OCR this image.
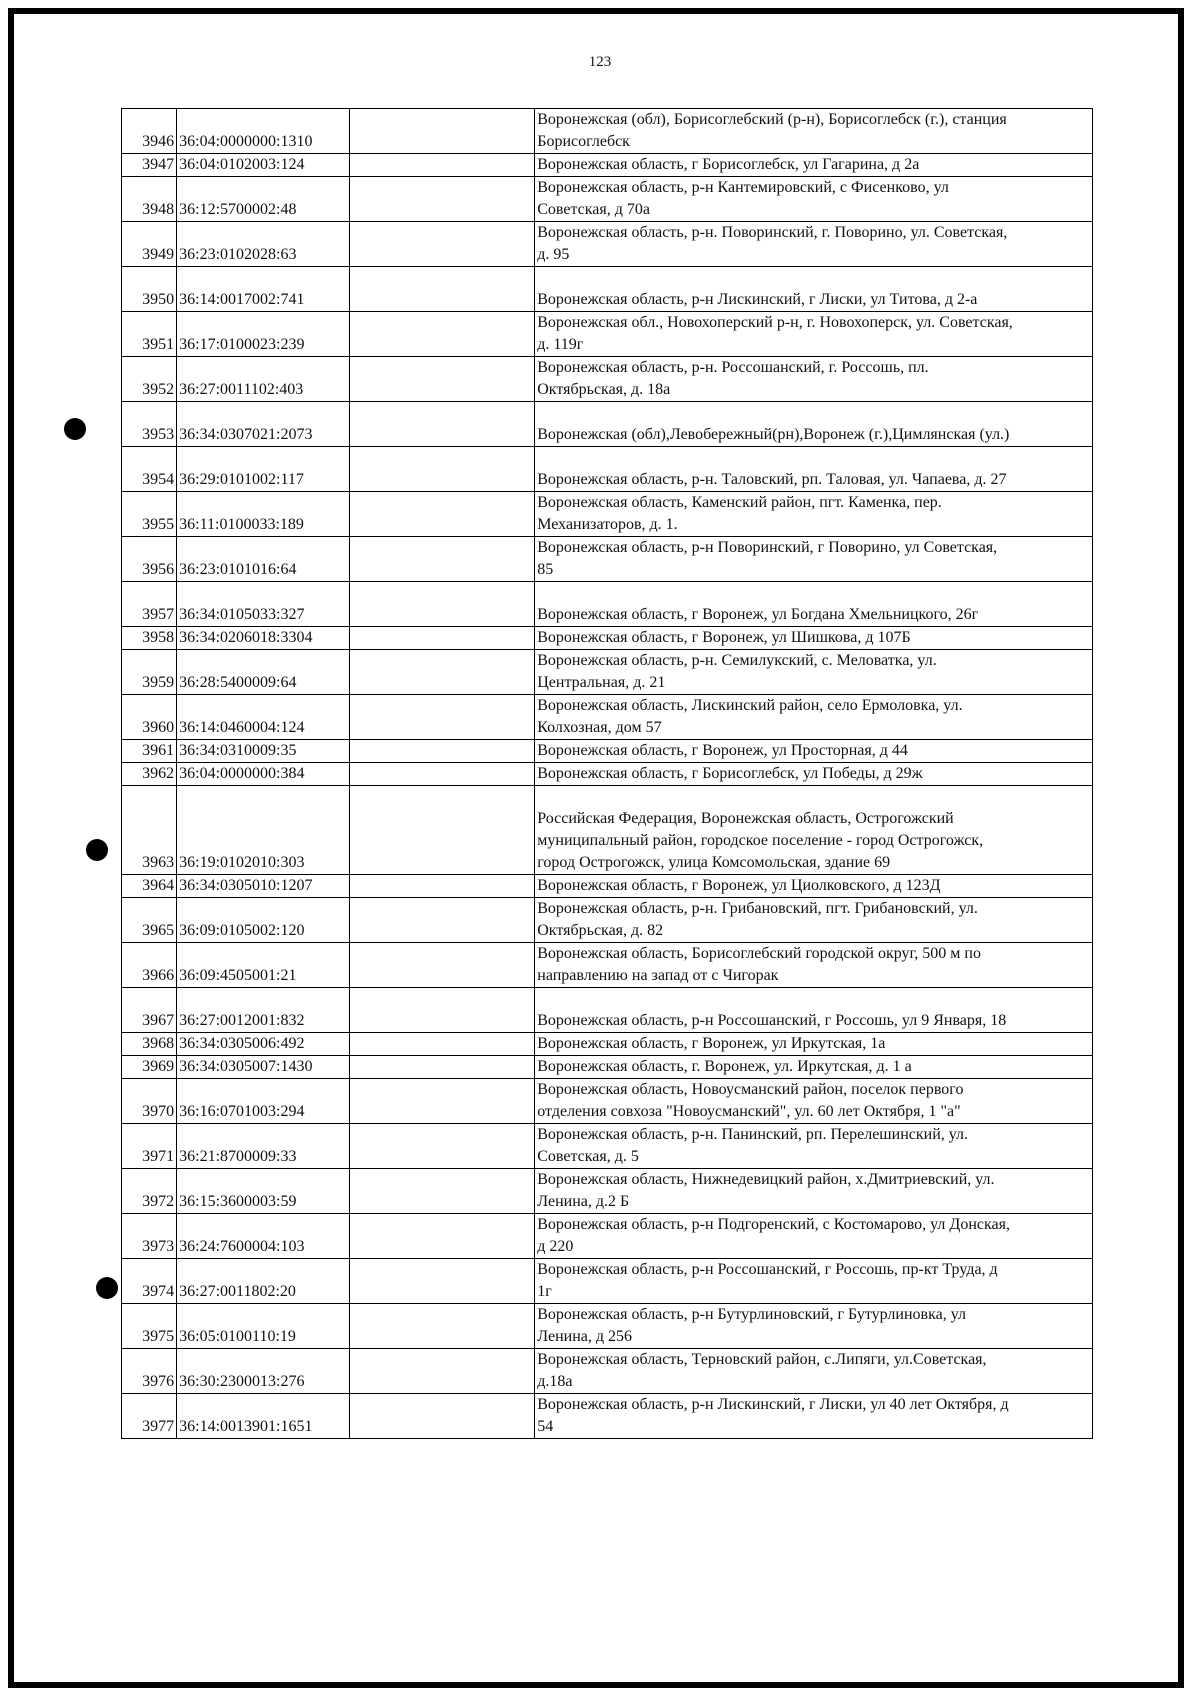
123
3946	36:04:0000000:1310		Воронежская (обл), Борисоглебский (р-н), Борисоглебск (г.), станция
Борисоглебск

3947	36:04:0102003:124		Воронежская область, г Борисоглебск, ул Гагарина, д 2а

3948	36:12:5700002:48		Воронежская область, р-н Кантемировский, с Фисенково, ул
Советская, д 70а

3949	36:23:0102028:63		Воронежская область, р-н. Поворинский, г. Поворино, ул. Советская,
д. 95

3950	36:14:0017002:741		Воронежская область, р-н Лискинский, г Лиски, ул Титова, д 2-а

3951	36:17:0100023:239		Воронежская обл., Новохоперский р-н, г. Новохоперск, ул. Советская,
д. 119г

3952	36:27:0011102:403		Воронежская область, р-н. Россошанский, г. Россошь, пл.
Октябрьская, д. 18а

3953	36:34:0307021:2073		Воронежская (обл),Левобережный(рн),Воронеж (г.),Цимлянская (ул.)

3954	36:29:0101002:117		Воронежская область, р-н. Таловский, рп. Таловая, ул. Чапаева, д. 27

3955	36:11:0100033:189		Воронежская область, Каменский район, пгт. Каменка, пер.
Механизаторов, д. 1.

3956	36:23:0101016:64		Воронежская область, р-н Поворинский, г Поворино, ул Советская,
85

3957	36:34:0105033:327		Воронежская область, г Воронеж, ул Богдана Хмельницкого, 26г

3958	36:34:0206018:3304		Воронежская область, г Воронеж, ул Шишкова, д 107Б

3959	36:28:5400009:64		Воронежская область, р-н. Семилукский, с. Меловатка, ул.
Центральная, д. 21

3960	36:14:0460004:124		Воронежская область, Лискинский район, село Ермоловка, ул.
Колхозная, дом 57

3961	36:34:0310009:35		Воронежская область, г Воронеж, ул Просторная, д 44

3962	36:04:0000000:384		Воронежская область, г Борисоглебск, ул Победы, д 29ж

3963	36:19:0102010:303		Российская Федерация, Воронежская область, Острогожский
муниципальный район, городское поселение - город Острогожск,
город Острогожск, улица Комсомольская, здание 69

3964	36:34:0305010:1207		Воронежская область, г Воронеж, ул Циолковского, д 123Д

3965	36:09:0105002:120		Воронежская область, р-н. Грибановский, пгт. Грибановский, ул.
Октябрьская, д. 82

3966	36:09:4505001:21		Воронежская область, Борисоглебский городской округ, 500 м по
направлению на запад от с Чигорак

3967	36:27:0012001:832		Воронежская область, р-н Россошанский, г Россошь, ул 9 Января, 18

3968	36:34:0305006:492		Воронежская область, г Воронеж, ул Иркутская, 1а

3969	36:34:0305007:1430		Воронежская область, г. Воронеж, ул. Иркутская, д. 1 а

3970	36:16:0701003:294		Воронежская область, Новоусманский район, поселок первого
отделения совхоза "Новоусманский", ул. 60 лет Октября, 1 "а"

3971	36:21:8700009:33		Воронежская область, р-н. Панинский, рп. Перелешинский, ул.
Советская, д. 5

3972	36:15:3600003:59		Воронежская область, Нижнедевицкий район, х.Дмитриевский, ул.
Ленина, д.2 Б

3973	36:24:7600004:103		Воронежская область, р-н Подгоренский, с Костомарово, ул Донская,
д 220

3974	36:27:0011802:20		Воронежская область, р-н Россошанский, г Россошь, пр-кт Труда, д
1г

3975	36:05:0100110:19		Воронежская область, р-н Бутурлиновский, г Бутурлиновка, ул
Ленина, д 256

3976	36:30:2300013:276		Воронежская область, Терновский район, с.Липяги, ул.Советская,
д.18а

3977	36:14:0013901:1651		Воронежская область, р-н Лискинский, г Лиски, ул 40 лет Октября, д
54
